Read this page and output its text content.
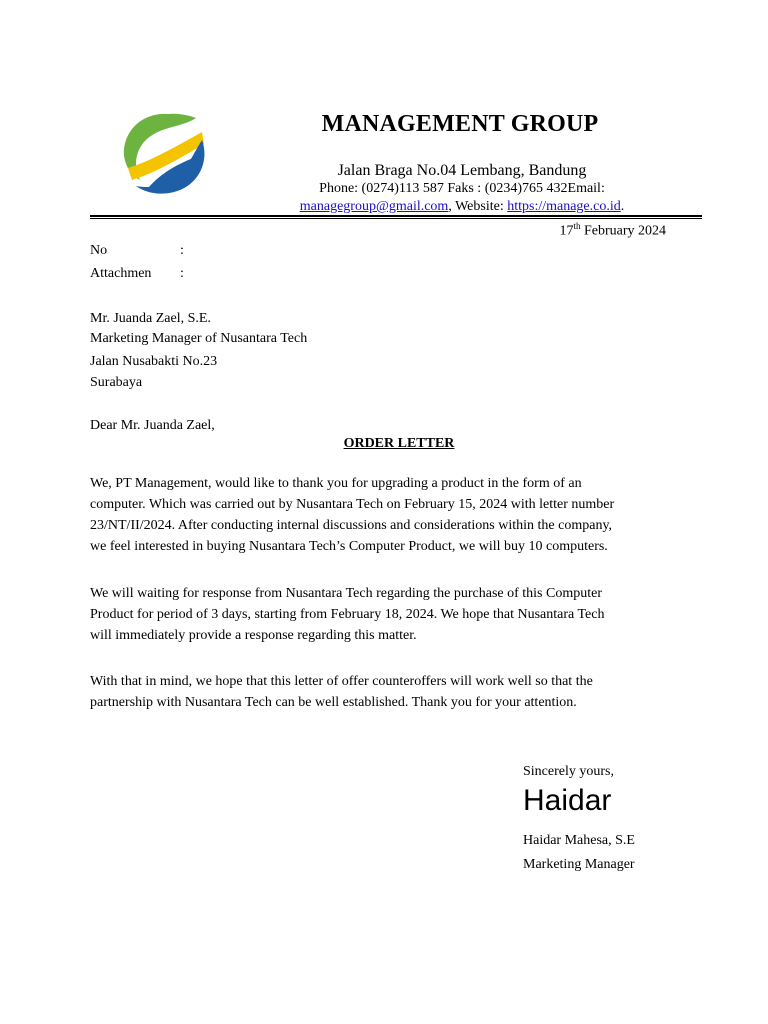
MANAGEMENT GROUP
Jalan Braga No.04 Lembang, Bandung
Phone: (0274)113 587 Faks : (0234)765 432Email:
managegroup@gmail.com, Website: https://manage.co.id.
17th February 2024
No	:
Attachmen :
Mr. Juanda Zael, S.E.
Marketing Manager of Nusantara Tech
Jalan Nusabakti No.23
Surabaya
Dear Mr. Juanda Zael,
ORDER LETTER
We, PT Management, would like to thank you for upgrading a product in the form of an
computer. Which was carried out by Nusantara Tech on February 15, 2024 with letter number
23/NT/II/2024. After conducting internal discussions and considerations within the company,
we feel interested in buying Nusantara Tech’s Computer Product, we will buy 10 computers.
We will waiting for response from Nusantara Tech regarding the purchase of this Computer
Product for period of 3 days, starting from February 18, 2024. We hope that Nusantara Tech
will immediately provide a response regarding this matter.
With that in mind, we hope that this letter of offer counteroffers will work well so that the
partnership with Nusantara Tech can be well established. Thank you for your attention.
Sincerely yours,
Haidar
Haidar Mahesa, S.E
Marketing Manager
